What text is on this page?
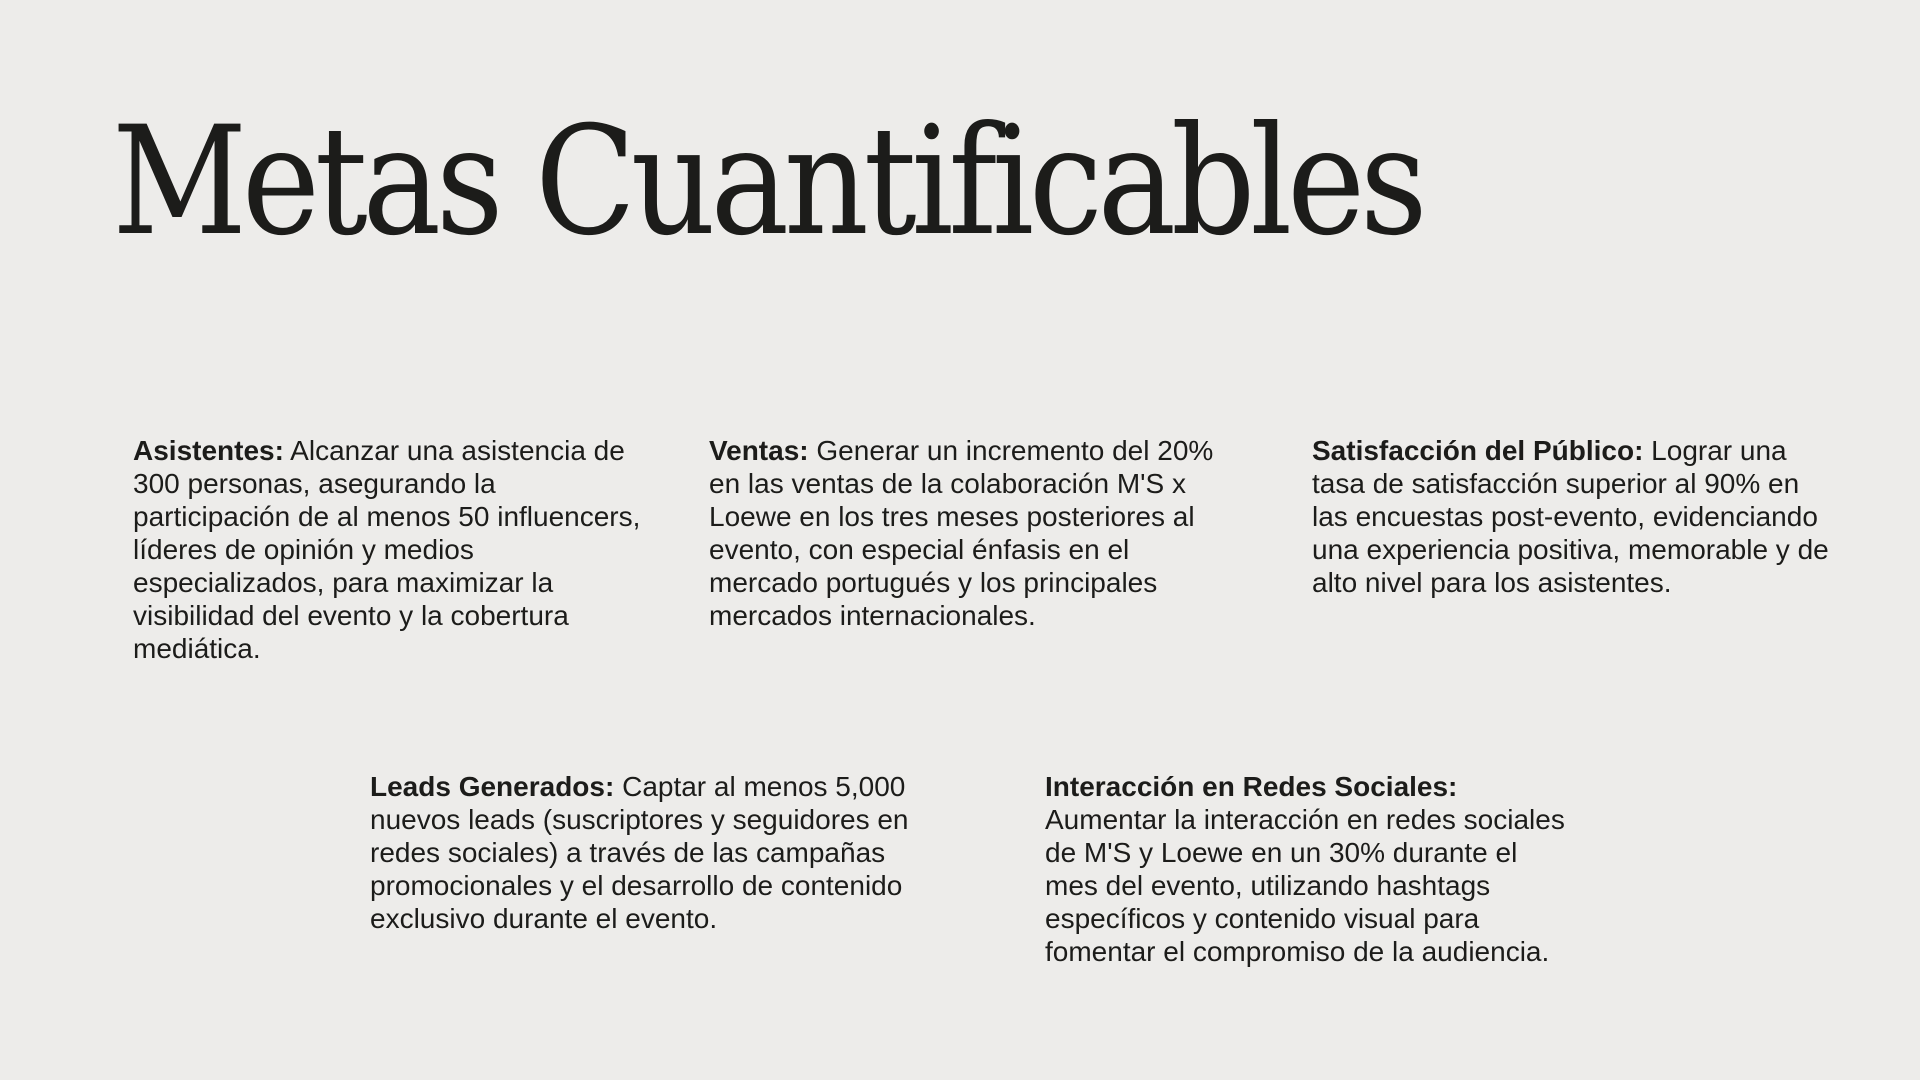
Metas Cuantificables

Asistentes: Alcanzar una asistencia de 300 personas, asegurando la participación de al menos 50 influencers, líderes de opinión y medios especializados, para maximizar la visibilidad del evento y la cobertura mediática.

Ventas: Generar un incremento del 20% en las ventas de la colaboración M'S x Loewe en los tres meses posteriores al evento, con especial énfasis en el mercado portugués y los principales mercados internacionales.

Satisfacción del Público: Lograr una tasa de satisfacción superior al 90% en las encuestas post-evento, evidenciando una experiencia positiva, memorable y de alto nivel para los asistentes.

Leads Generados: Captar al menos 5,000 nuevos leads (suscriptores y seguidores en redes sociales) a través de las campañas promocionales y el desarrollo de contenido exclusivo durante el evento.

Interacción en Redes Sociales: Aumentar la interacción en redes sociales de M'S y Loewe en un 30% durante el mes del evento, utilizando hashtags específicos y contenido visual para fomentar el compromiso de la audiencia.
